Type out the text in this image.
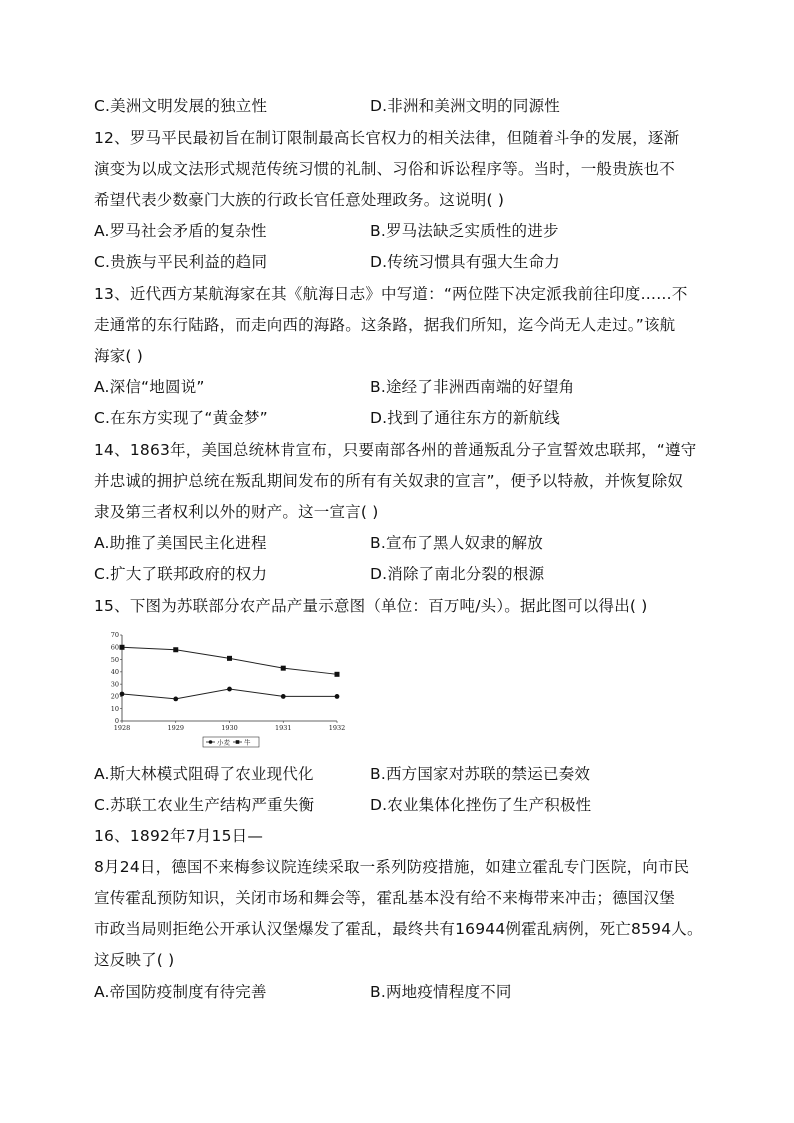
C.美洲文明发展的独立性	D.非洲和美洲文明的同源性
12、罗马平民最初旨在制订限制最高长官权力的相关法律，但随着斗争的发展，逐渐
演变为以成文法形式规范传统习惯的礼制、习俗和诉讼程序等。当时，一般贵族也不
希望代表少数豪门大族的行政长官任意处理政务。这说明( )
A.罗马社会矛盾的复杂性	B.罗马法缺乏实质性的进步
C.贵族与平民利益的趋同	D.传统习惯具有强大生命力
13、近代西方某航海家在其《航海日志》中写道：“两位陛下决定派我前往印度……不
走通常的东行陆路，而走向西的海路。这条路，据我们所知，迄今尚无人走过。”该航
海家( )
A.深信“地圆说”	B.途经了非洲西南端的好望角
C.在东方实现了“黄金梦”	D.找到了通往东方的新航线
14、1863年，美国总统林肯宣布，只要南部各州的普通叛乱分子宣誓效忠联邦，“遵守
并忠诚的拥护总统在叛乱期间发布的所有有关奴隶的宣言”，便予以特赦，并恢复除奴
隶及第三者权利以外的财产。这一宣言( )
A.助推了美国民主化进程	B.宣布了黑人奴隶的解放
C.扩大了联邦政府的权力	D.消除了南北分裂的根源
15、下图为苏联部分农产品产量示意图（单位：百万吨/头）。据此图可以得出( )
0
10
20
30
40
50
60
70
1928	1929	1930	1931	1932
小麦 牛
A.斯大林模式阻碍了农业现代化	B.西方国家对苏联的禁运已奏效
C.苏联工农业生产结构严重失衡	D.农业集体化挫伤了生产积极性
16、1892年7月15日—
8月24日，德国不来梅参议院连续采取一系列防疫措施，如建立霍乱专门医院，向市民
宣传霍乱预防知识，关闭市场和舞会等，霍乱基本没有给不来梅带来冲击；德国汉堡
市政当局则拒绝公开承认汉堡爆发了霍乱，最终共有16944例霍乱病例，死亡8594人。
这反映了( )
A.帝国防疫制度有待完善	B.两地疫情程度不同
